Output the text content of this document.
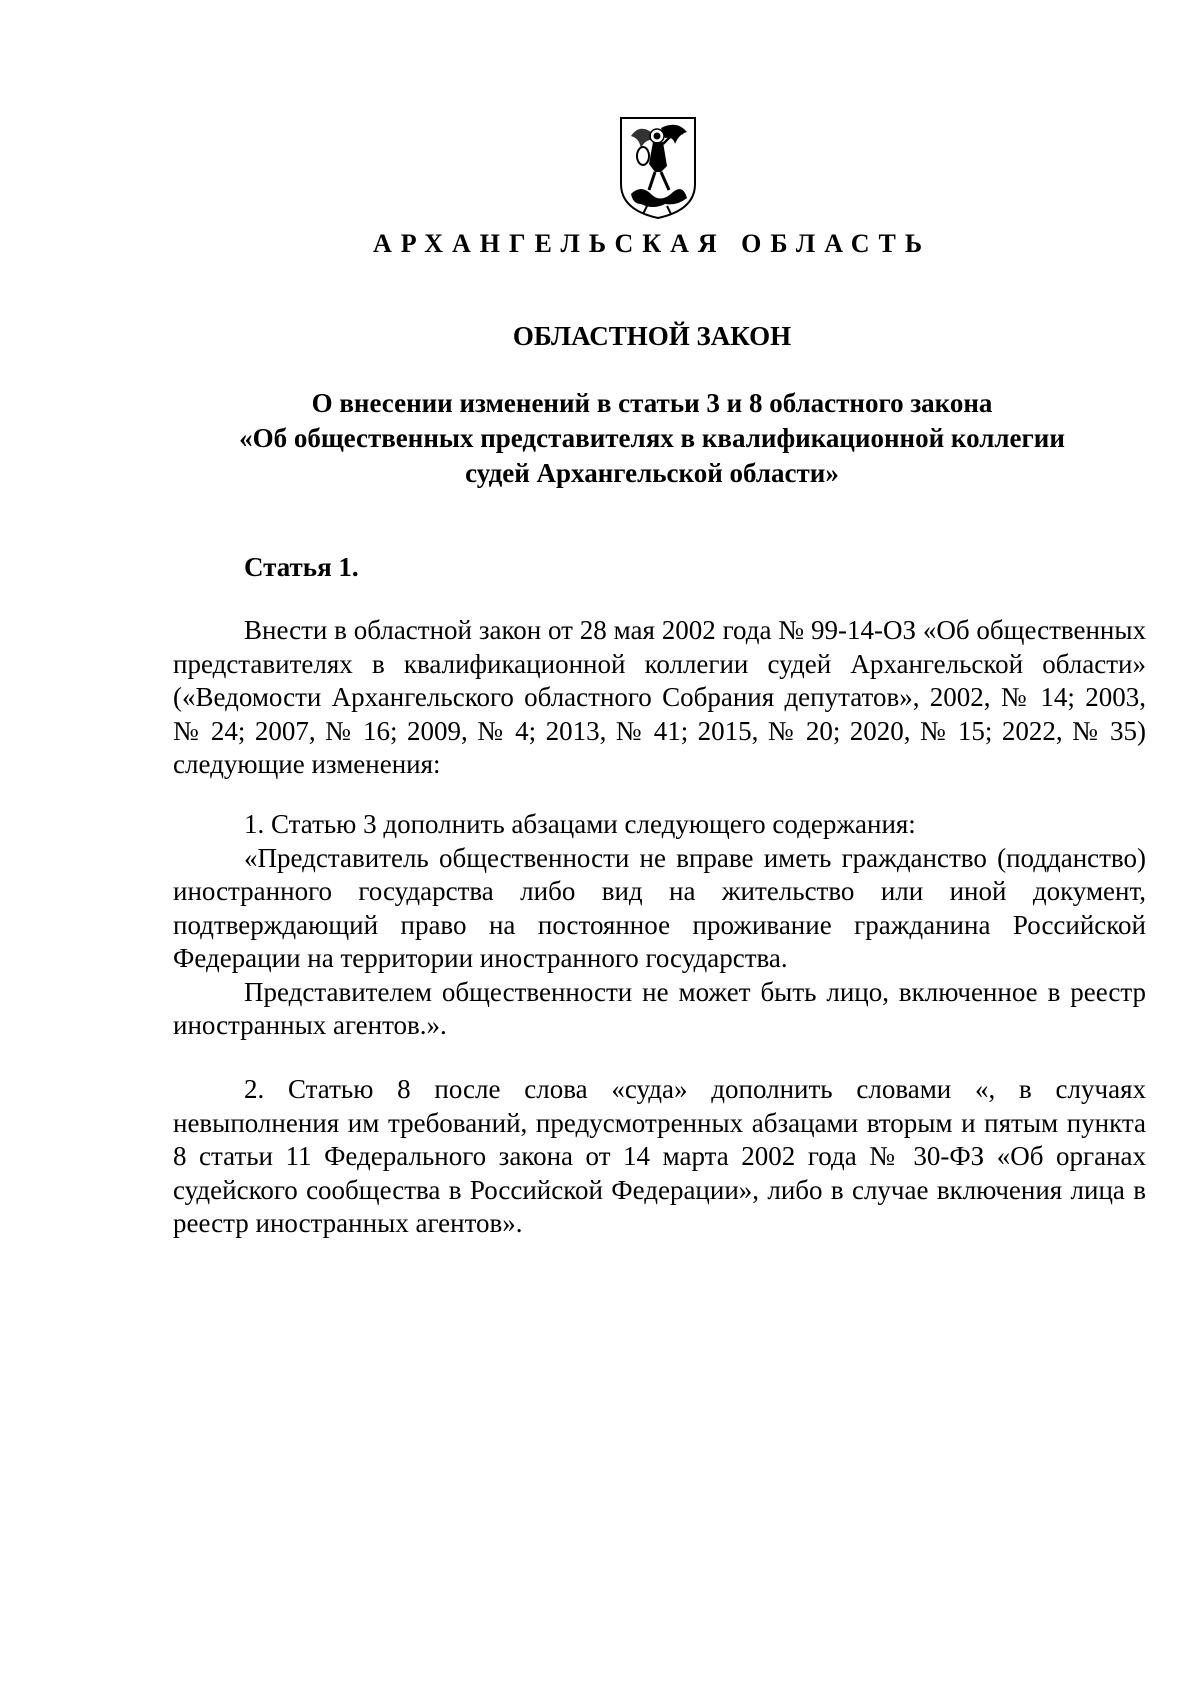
АРХАНГЕЛЬСКАЯ ОБЛАСТЬ
ОБЛАСТНОЙ ЗАКОН
О внесении изменений в статьи 3 и 8 областного закона
«Об общественных представителях в квалификационной коллегии
судей Архангельской области»
Статья 1.

Внести в областной закон от 28 мая 2002 года № 99-14-ОЗ «Об общественных представителях в квалификационной коллегии судей Архангельской области» («Ведомости Архангельского областного Собрания депутатов», 2002, № 14; 2003, № 24; 2007, № 16; 2009, № 4; 2013, № 41; 2015, № 20; 2020, № 15; 2022, № 35) следующие изменения:

1. Статью 3 дополнить абзацами следующего содержания:

«Представитель общественности не вправе иметь гражданство (подданство) иностранного государства либо вид на жительство или иной документ, подтверждающий право на постоянное проживание гражданина Российской Федерации на территории иностранного государства.

Представителем общественности не может быть лицо, включенное в реестр иностранных агентов.».

2. Статью 8 после слова «суда» дополнить словами «, в случаях невыполнения им требований, предусмотренных абзацами вторым и пятым пункта 8 статьи 11 Федерального закона от 14 марта 2002 года № 30-ФЗ «Об органах судейского сообщества в Российской Федерации», либо в случае включения лица в реестр иностранных агентов».
